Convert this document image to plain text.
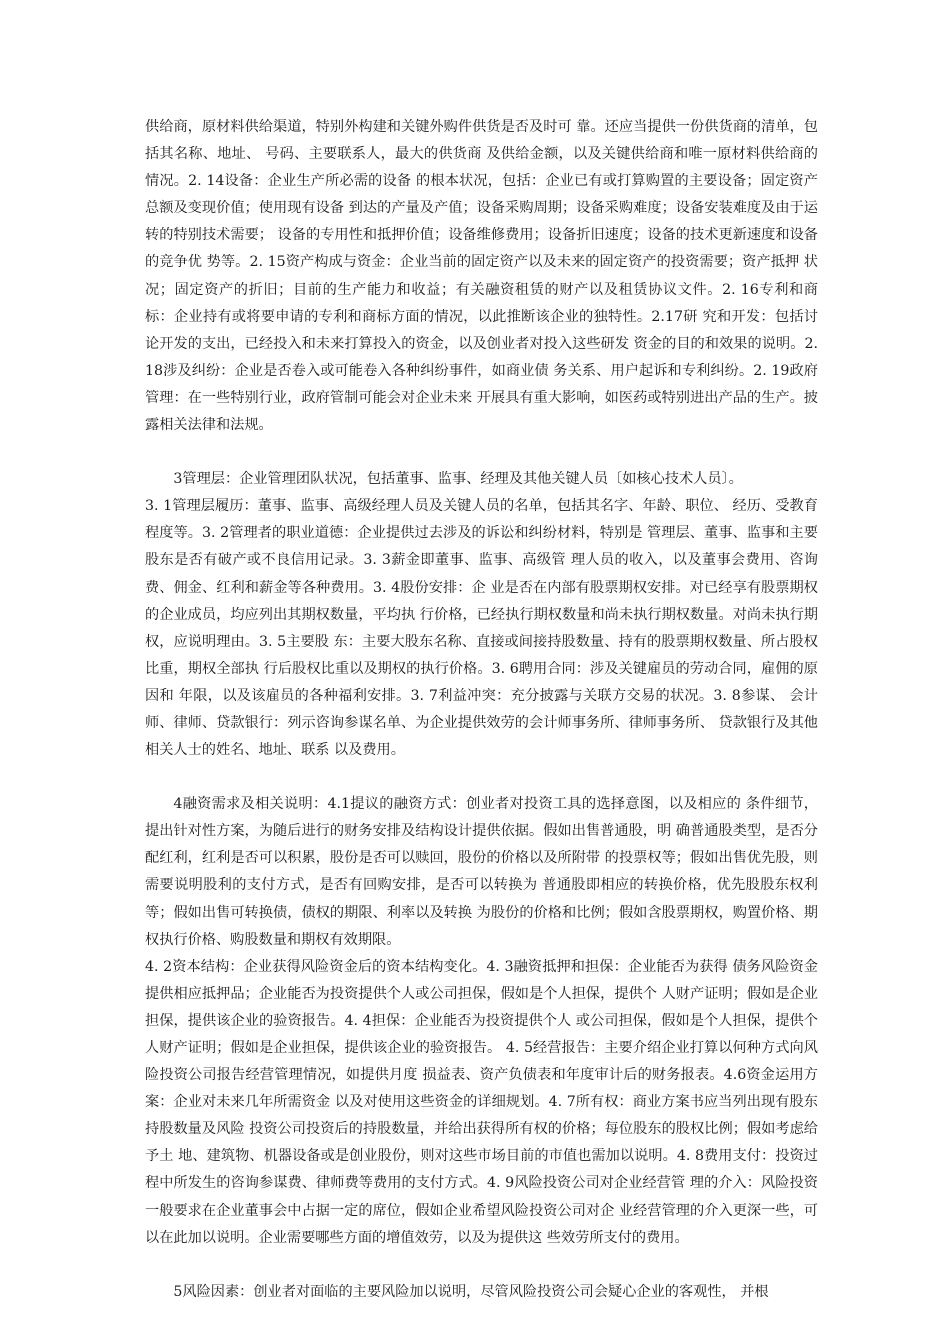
供给商，原材料供给渠道，特别外构建和关键外购件供货是否及时可 靠。还应当提供一份供货商的清单，包括其名称、地址、 号码、主要联系人，最大的供货商 及供给金额，以及关键供给商和唯一原材料供给商的情况。2. 14设备：企业生产所必需的设备 的根本状况，包括：企业已有或打算购置的主要设备；固定资产总额及变现价值；使用现有设备 到达的产量及产值；设备采购周期；设备采购难度；设备安装难度及由于运转的特别技术需要； 设备的专用性和抵押价值；设备维修费用；设备折旧速度；设备的技术更新速度和设备的竞争优 势等。2. 15资产构成与资金：企业当前的固定资产以及未来的固定资产的投资需要；资产抵押 状况；固定资产的折旧；目前的生产能力和收益；有关融资租赁的财产以及租赁协议文件。2. 16专利和商标：企业持有或将要申请的专利和商标方面的情况，以此推断该企业的独特性。2.17研 究和开发：包括讨论开发的支出，已经投入和未来打算投入的资金，以及创业者对投入这些研发 资金的目的和效果的说明。2.18涉及纠纷：企业是否卷入或可能卷入各种纠纷事件，如商业债 务关系、用户起诉和专利纠纷。2. 19政府管理：在一些特别行业，政府管制可能会对企业未来 开展具有重大影响，如医药或特别进出产品的生产。披露相关法律和法规。

3管理层：企业管理团队状况，包括董事、监事、经理及其他关键人员〔如核心技术人员〕。

3. 1管理层履历：董事、监事、高级经理人员及关键人员的名单，包括其名字、年龄、职位、 经历、受教育程度等。3. 2管理者的职业道德：企业提供过去涉及的诉讼和纠纷材料，特别是 管理层、董事、监事和主要股东是否有破产或不良信用记录。3. 3薪金即董事、监事、高级管 理人员的收入，以及董事会费用、咨询费、佣金、红利和薪金等各种费用。3. 4股份安排：企 业是否在内部有股票期权安排。对已经享有股票期权的企业成员，均应列出其期权数量，平均执 行价格，已经执行期权数量和尚未执行期权数量。对尚未执行期权，应说明理由。3. 5主要股 东：主要大股东名称、直接或间接持股数量、持有的股票期权数量、所占股权比重，期权全部执 行后股权比重以及期权的执行价格。3. 6聘用合同：涉及关键雇员的劳动合同，雇佣的原因和 年限，以及该雇员的各种福利安排。3. 7利益冲突：充分披露与关联方交易的状况。3. 8参谋、 会计师、律师、贷款银行：列示咨询参谋名单、为企业提供效劳的会计师事务所、律师事务所、 贷款银行及其他相关人士的姓名、地址、联系 以及费用。

4融资需求及相关说明：4.1提议的融资方式：创业者对投资工具的选择意图，以及相应的 条件细节，提出针对性方案，为随后进行的财务安排及结构设计提供依据。假如出售普通股，明 确普通股类型，是否分配红利，红利是否可以积累，股份是否可以赎回，股份的价格以及所附带 的投票权等；假如出售优先股，则需要说明股利的支付方式，是否有回购安排，是否可以转换为 普通股即相应的转换价格，优先股股东权利等；假如出售可转换债，债权的期限、利率以及转换 为股份的价格和比例；假如含股票期权，购置价格、期权执行价格、购股数量和期权有效期限。

4. 2资本结构：企业获得风险资金后的资本结构变化。4. 3融资抵押和担保：企业能否为获得 债务风险资金提供相应抵押品；企业能否为投资提供个人或公司担保，假如是个人担保，提供个 人财产证明；假如是企业担保，提供该企业的验资报告。4. 4担保：企业能否为投资提供个人 或公司担保，假如是个人担保，提供个人财产证明；假如是企业担保，提供该企业的验资报告。 4. 5经营报告：主要介绍企业打算以何种方式向风险投资公司报告经营管理情况，如提供月度 损益表、资产负债表和年度审计后的财务报表。4.6资金运用方案：企业对未来几年所需资金 以及对使用这些资金的详细规划。4. 7所有权：商业方案书应当列出现有股东持股数量及风险 投资公司投资后的持股数量，并给出获得所有权的价格；每位股东的股权比例；假如考虑给予土 地、建筑物、机器设备或是创业股份，则对这些市场目前的市值也需加以说明。4. 8费用支付：投资过程中所发生的咨询参谋费、律师费等费用的支付方式。4. 9风险投资公司对企业经营管 理的介入：风险投资一般要求在企业董事会中占据一定的席位，假如企业希望风险投资公司对企 业经营管理的介入更深一些，可以在此加以说明。企业需要哪些方面的增值效劳，以及为提供这 些效劳所支付的费用。

5风险因素：创业者对面临的主要风险加以说明，尽管风险投资公司会疑心企业的客观性， 并根
